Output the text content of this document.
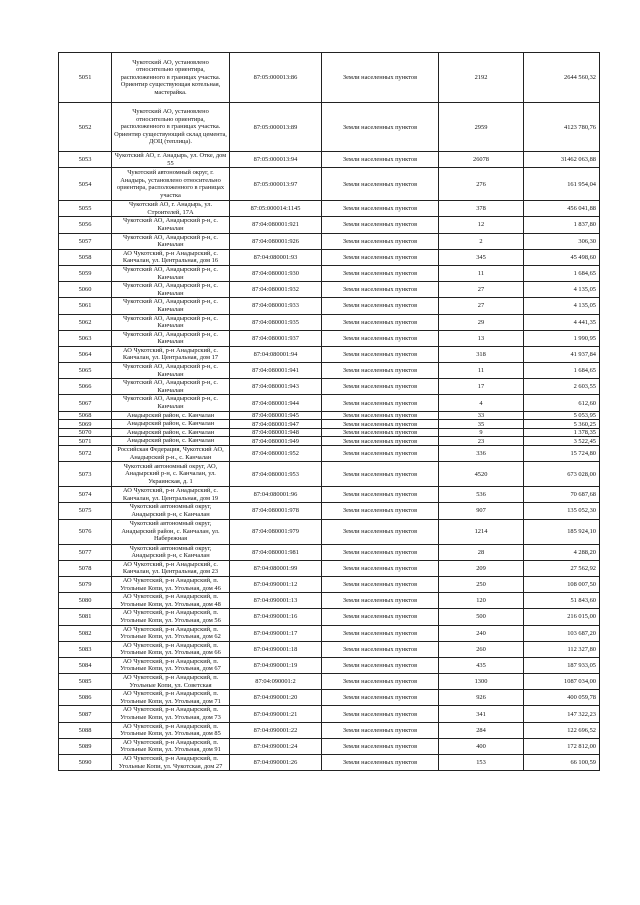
5051	Чукотский АО, установлено относительно ориентира, расположенного в границах участка. Ориентир существующая котельная, мастерайка.	87:05:000013:86	Земли населенных пунктов	2192	2644 560,32
5052	Чукотский АО, установлено относительно ориентира, расположенного в границах участка. Ориентир существующий склад цемента, ДОЦ (теплица).	87:05:000013:89	Земли населенных пунктов	2959	4123 780,76
5053	Чукотский АО, г. Анадырь, ул. Отке, дом 55	87:05:000013:94	Земли населенных пунктов	26078	31462 063,88
5054	Чукотский автономный округ, г. Анадырь, установлено относительно ориентира, расположенного в границах участка	87:05:000013:97	Земли населенных пунктов	276	161 954,04
5055	Чукотский АО, г. Анадырь, ул. Строителей, 17А	87:05:000014:1145	Земли населенных пунктов	378	456 041,88
5056	Чукотский АО, Анадырский р-н, с. Канчалан	87:04:080001:921	Земли населенных пунктов	12	1 837,80
5057	Чукотский АО, Анадырский р-н, с. Канчалан	87:04:080001:926	Земли населенных пунктов	2	306,30
5058	АО Чукотский, р-н Анадырский, с. Канчалан, ул. Центральная, дом 16	87:04:080001:93	Земли населенных пунктов	345	45 498,60
5059	Чукотский АО, Анадырский р-н, с. Канчалан	87:04:080001:930	Земли населенных пунктов	11	1 684,65
5060	Чукотский АО, Анадырский р-н, с. Канчалан	87:04:080001:932	Земли населенных пунктов	27	4 135,05
5061	Чукотский АО, Анадырский р-н, с. Канчалан	87:04:080001:933	Земли населенных пунктов	27	4 135,05
5062	Чукотский АО, Анадырский р-н, с. Канчалан	87:04:080001:935	Земли населенных пунктов	29	4 441,35
5063	Чукотский АО, Анадырский р-н, с. Канчалан	87:04:080001:937	Земли населенных пунктов	13	1 990,95
5064	АО Чукотский, р-н Анадырский, с. Канчалан, ул. Центральная, дом 17	87:04:080001:94	Земли населенных пунктов	318	41 937,84
5065	Чукотский АО, Анадырский р-н, с. Канчалан	87:04:080001:941	Земли населенных пунктов	11	1 684,65
5066	Чукотский АО, Анадырский р-н, с. Канчалан	87:04:080001:943	Земли населенных пунктов	17	2 603,55
5067	Чукотский АО, Анадырский р-н, с. Канчалан	87:04:080001:944	Земли населенных пунктов	4	612,60
5068	Анадырский район, с. Канчалан	87:04:080001:945	Земли населенных пунктов	33	5 053,95
5069	Анадырский район, с. Канчалан	87:04:080001:947	Земли населенных пунктов	35	5 360,25
5070	Анадырский район, с. Канчалан	87:04:080001:948	Земли населенных пунктов	9	1 378,35
5071	Анадырский район, с. Канчалан	87:04:080001:949	Земли населенных пунктов	23	3 522,45
5072	Российская Федерация, Чукотский АО, Анадырский р-н., с. Канчалан	87:04:080001:952	Земли населенных пунктов	336	15 724,80
5073	Чукотский автономный округ, АО, Анадырский р-н, с. Канчалан, ул. Украинская, д. 1	87:04:080001:953	Земли населенных пунктов	4520	673 028,00
5074	АО Чукотский, р-н Анадырский, с. Канчалан, ул. Центральная, дом 19	87:04:080001:96	Земли населенных пунктов	536	70 687,68
5075	Чукотский автономный округ, Анадырский р-н, с Канчалан	87:04:080001:978	Земли населенных пунктов	907	135 052,30
5076	Чукотский автономный округ, Анадырский район, с. Канчалан, ул. Набережная	87:04:080001:979	Земли населенных пунктов	1214	185 924,10
5077	Чукотский автономный округ, Анадырский р-н, с Канчалан	87:04:080001:981	Земли населенных пунктов	28	4 288,20
5078	АО Чукотский, р-н Анадырский, с. Канчалан, ул. Центральная, дом 23	87:04:080001:99	Земли населенных пунктов	209	27 562,92
5079	АО Чукотский, р-н Анадырский, п. Угольные Копи, ул. Угольная, дом 46	87:04:090001:12	Земли населенных пунктов	250	108 007,50
5080	АО Чукотский, р-н Анадырский, п. Угольные Копи, ул. Угольная, дом 48	87:04:090001:13	Земли населенных пунктов	120	51 843,60
5081	АО Чукотский, р-н Анадырский, п. Угольные Копи, ул. Угольная, дом 56	87:04:090001:16	Земли населенных пунктов	500	216 015,00
5082	АО Чукотский, р-н Анадырский, п. Угольные Копи, ул. Угольная, дом 62	87:04:090001:17	Земли населенных пунктов	240	103 687,20
5083	АО Чукотский, р-н Анадырский, п. Угольные Копи, ул. Угольная, дом 66	87:04:090001:18	Земли населенных пунктов	260	112 327,80
5084	АО Чукотский, р-н Анадырский, п. Угольные Копи, ул. Угольная, дом 67	87:04:090001:19	Земли населенных пунктов	435	187 933,05
5085	АО Чукотский, р-н Анадырский, п. Угольные Копи, ул. Советская	87:04:090001:2	Земли населенных пунктов	1300	1087 034,00
5086	АО Чукотский, р-н Анадырский, п. Угольные Копи, ул. Угольная, дом 71	87:04:090001:20	Земли населенных пунктов	926	400 059,78
5087	АО Чукотский, р-н Анадырский, п. Угольные Копи, ул. Угольная, дом 73	87:04:090001:21	Земли населенных пунктов	341	147 322,23
5088	АО Чукотский, р-н Анадырский, п. Угольные Копи, ул. Угольная, дом 85	87:04:090001:22	Земли населенных пунктов	284	122 696,52
5089	АО Чукотский, р-н Анадырский, п. Угольные Копи, ул. Угольная, дом 91	87:04:090001:24	Земли населенных пунктов	400	172 812,00
5090	АО Чукотский, р-н Анадырский, п. Угольные Копи, ул. Чукотская, дом 27	87:04:090001:26	Земли населенных пунктов	153	66 100,59
